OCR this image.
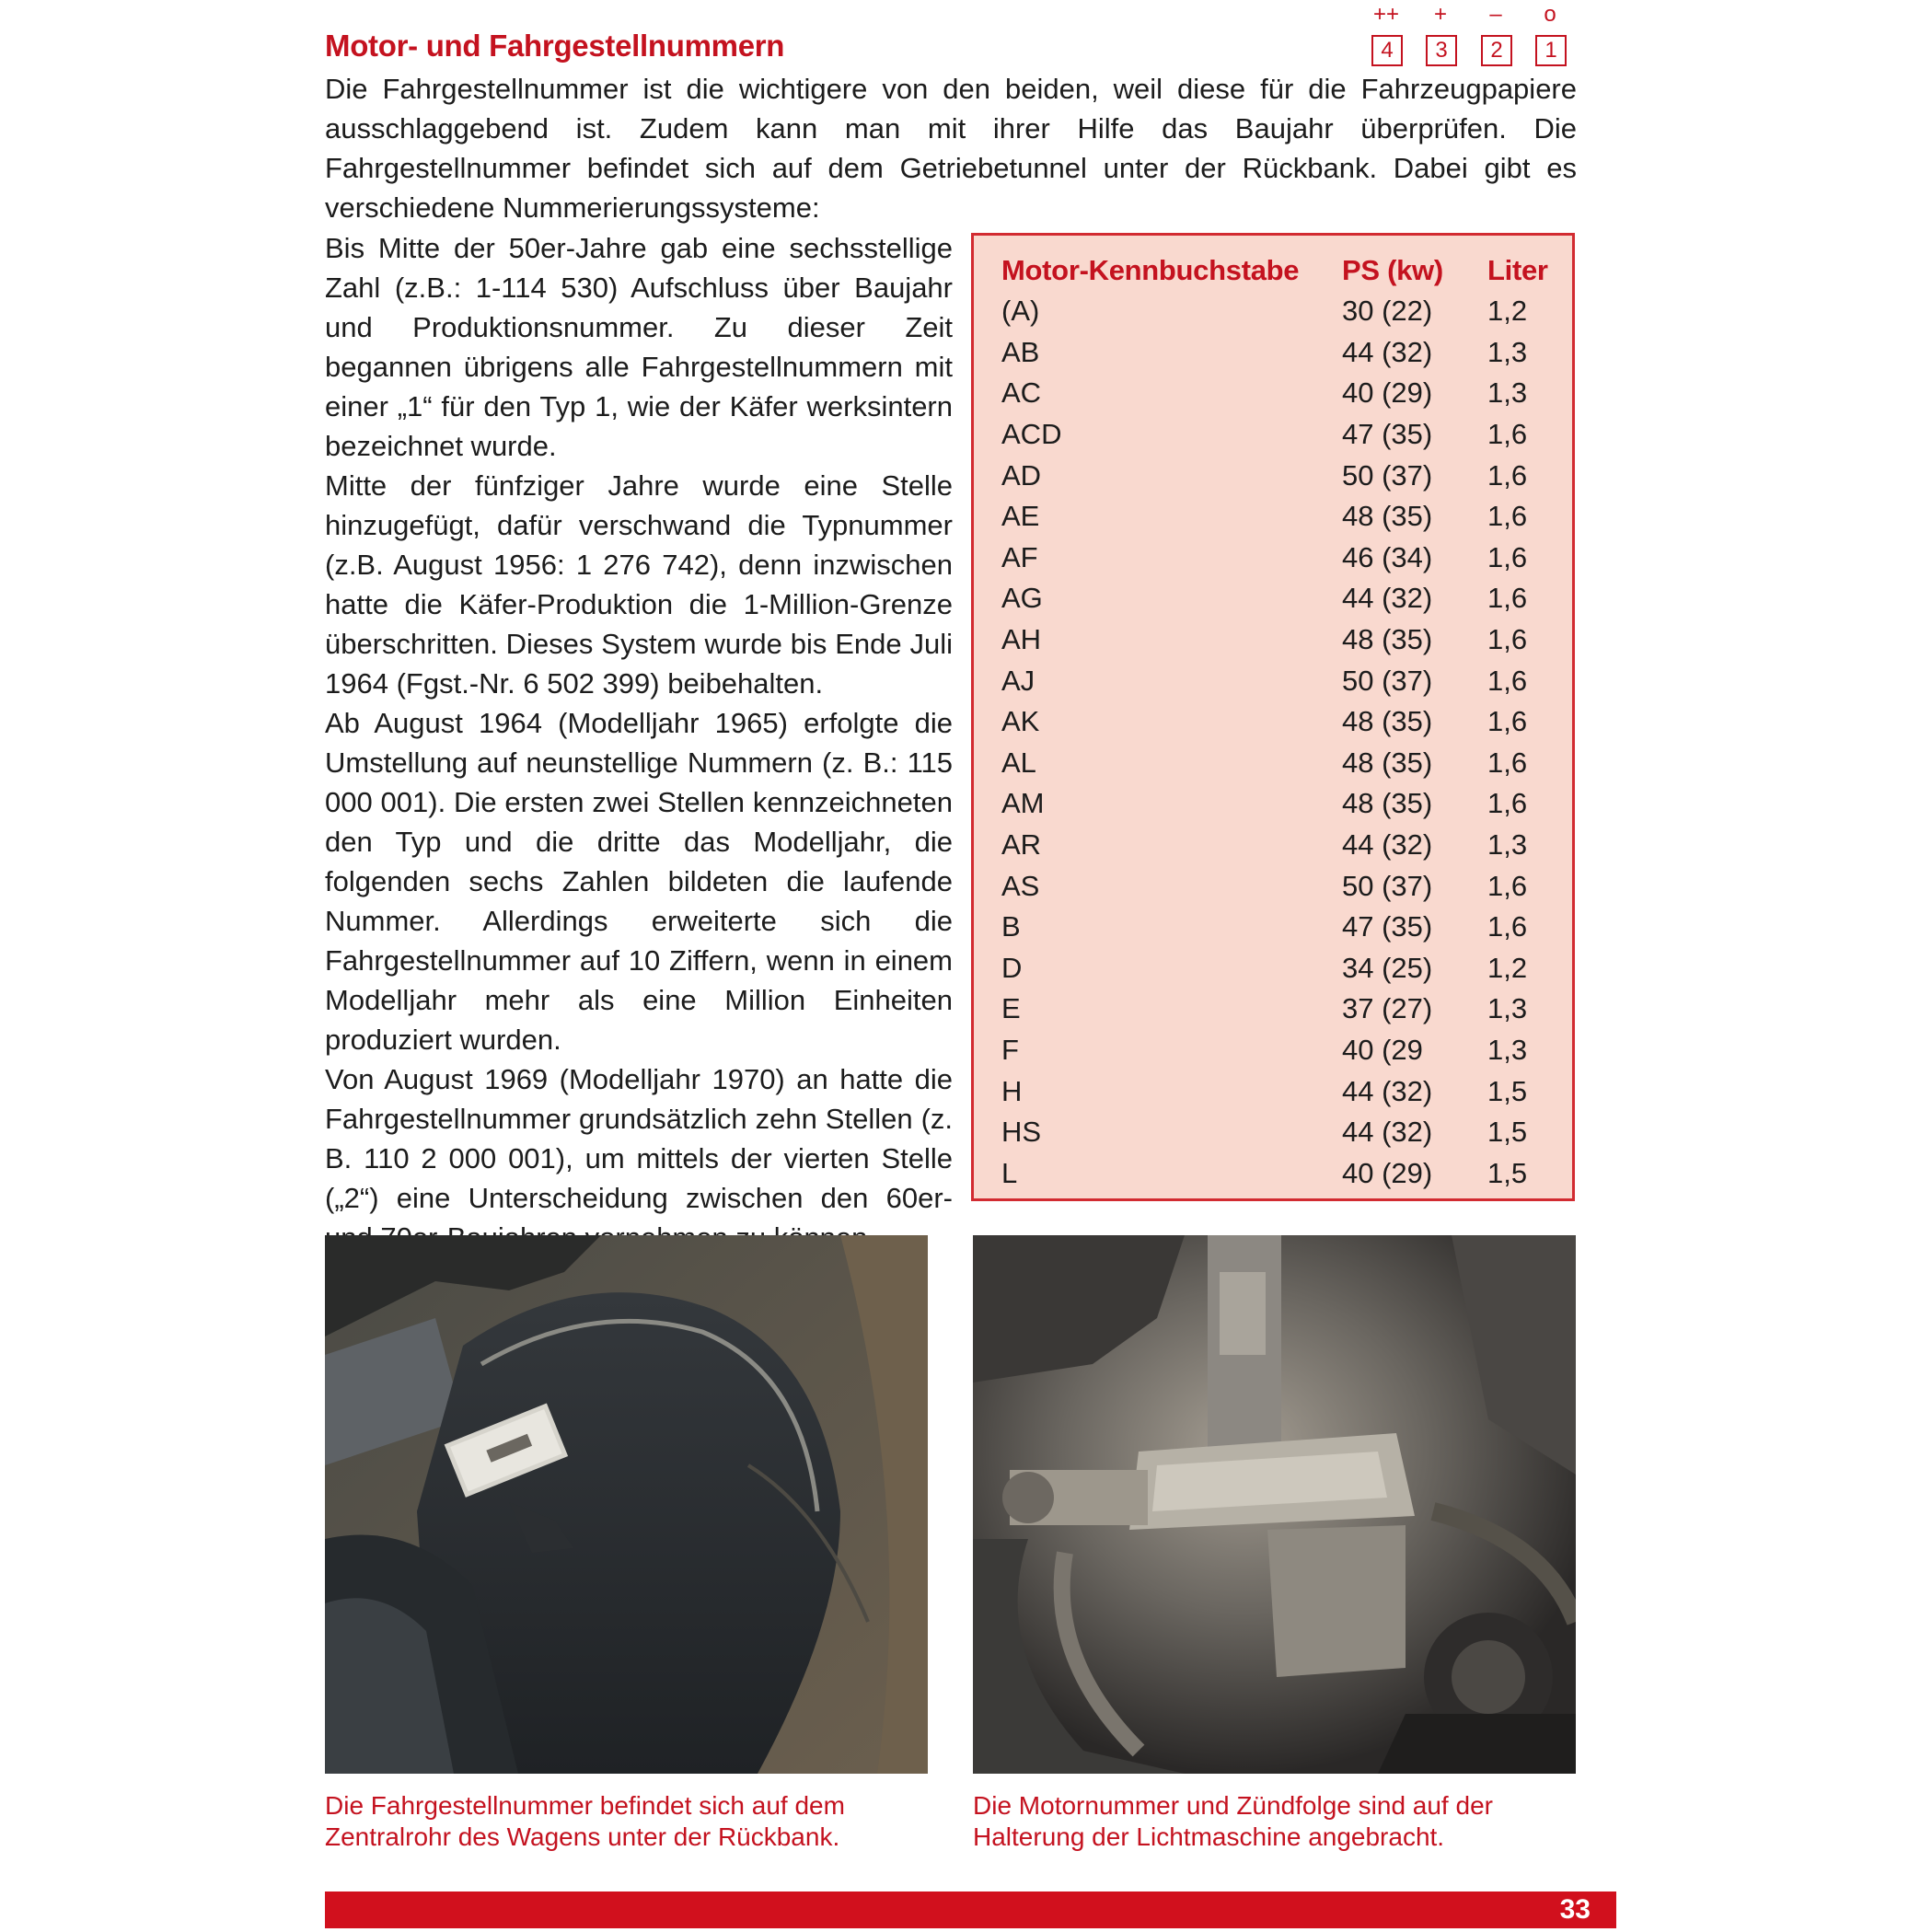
++	+	–	o
4	3	2	1
Motor- und Fahrgestellnummern
Die Fahrgestellnummer ist die wichtigere von den beiden, weil diese für die Fahrzeugpapiere ausschlaggebend ist. Zudem kann man mit ihrer Hilfe das Baujahr überprüfen. Die Fahrgestellnummer befindet sich auf dem Getriebetunnel unter der Rückbank. Dabei gibt es verschiedene Nummerierungssysteme:

Bis Mitte der 50er-Jahre gab eine sechsstellige Zahl (z.B.: 1-114 530) Aufschluss über Baujahr und Produktionsnummer. Zu dieser Zeit begannen übrigens alle Fahrgestellnummern mit einer „1“ für den Typ 1, wie der Käfer werksintern bezeichnet wurde.

Mitte der fünfziger Jahre wurde eine Stelle hinzugefügt, dafür verschwand die Typnummer (z.B. August 1956: 1 276 742), denn inzwischen hatte die Käfer-Produktion die 1-Million-Grenze überschritten. Dieses System wurde bis Ende Juli 1964 (Fgst.-Nr. 6 502 399) beibehalten.

Ab August 1964 (Modelljahr 1965) erfolgte die Umstellung auf neunstellige Nummern (z. B.: 115 000 001). Die ersten zwei Stellen kennzeichneten den Typ und die dritte das Modelljahr, die folgenden sechs Zahlen bildeten die laufende Nummer. Allerdings erweiterte sich die Fahrgestellnummer auf 10 Ziffern, wenn in einem Modelljahr mehr als eine Million Einheiten produziert wurden.

Von August 1969 (Modelljahr 1970) an hatte die Fahrgestellnummer grundsätzlich zehn Stellen (z. B. 110 2 000 001), um mittels der vierten Stelle („2“) eine Unterscheidung zwischen den 60er-

Motor-Kennbuchstabe	PS (kw)	Liter
(A)	30 (22)	1,2
AB	44 (32)	1,3
AC	40 (29)	1,3
ACD	47 (35)	1,6
AD	50 (37)	1,6
AE	48 (35)	1,6
AF	46 (34)	1,6
AG	44 (32)	1,6
AH	48 (35)	1,6
AJ	50 (37)	1,6
AK	48 (35)	1,6
AL	48 (35)	1,6
AM	48 (35)	1,6
AR	44 (32)	1,3
AS	50 (37)	1,6
B	47 (35)	1,6
D	34 (25)	1,2
E	37 (27)	1,3
F	40 (29	1,3
H	44 (32)	1,5
HS	44 (32)	1,5
L	40 (29)	1,5
Die Fahrgestellnummer befindet sich auf dem Zentralrohr des Wagens unter der Rückbank.
Die Motornummer und Zündfolge sind auf der Halterung der Lichtmaschine angebracht.
33
